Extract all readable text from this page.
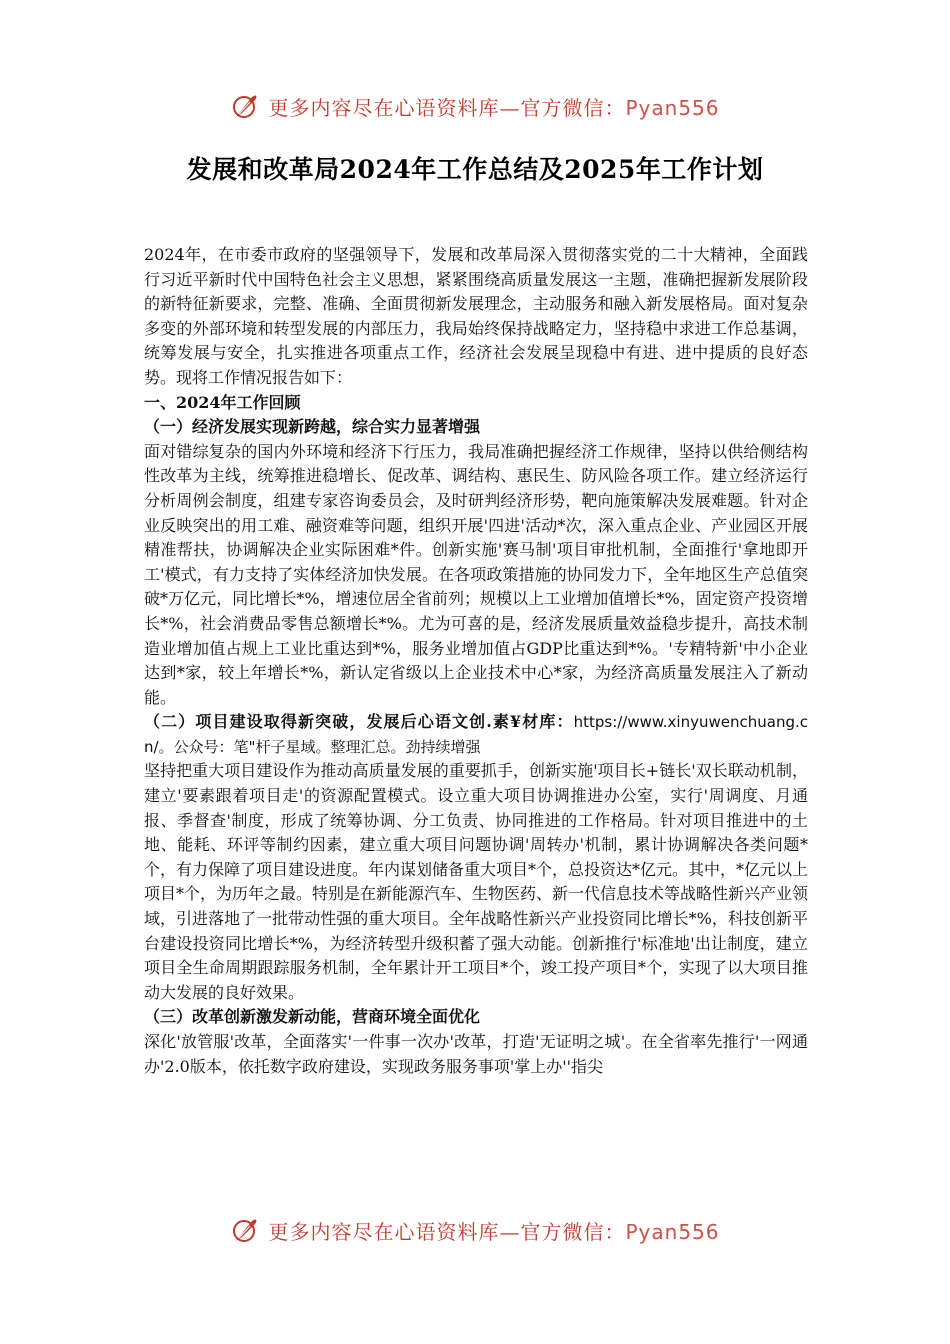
更多内容尽在心语资料库—官方微信：Pyan556
发展和改革局2024年工作总结及2025年工作计划

2024年，在市委市政府的坚强领导下，发展和改革局深入贯彻落实党的二十大精神，全面践行习近平新时代中国特色社会主义思想，紧紧围绕高质量发展这一主题，准确把握新发展阶段的新特征新要求，完整、准确、全面贯彻新发展理念，主动服务和融入新发展格局。面对复杂多变的外部环境和转型发展的内部压力，我局始终保持战略定力，坚持稳中求进工作总基调，统筹发展与安全，扎实推进各项重点工作，经济社会发展呈现稳中有进、进中提质的良好态势。现将工作情况报告如下：

一、2024年工作回顾

（一）经济发展实现新跨越，综合实力显著增强

面对错综复杂的国内外环境和经济下行压力，我局准确把握经济工作规律，坚持以供给侧结构性改革为主线，统筹推进稳增长、促改革、调结构、惠民生、防风险各项工作。建立经济运行分析周例会制度，组建专家咨询委员会，及时研判经济形势，靶向施策解决发展难题。针对企业反映突出的用工难、融资难等问题，组织开展'四进'活动*次，深入重点企业、产业园区开展精准帮扶，协调解决企业实际困难*件。创新实施'赛马制'项目审批机制，全面推行'拿地即开工'模式，有力支持了实体经济加快发展。在各项政策措施的协同发力下，全年地区生产总值突破*万亿元，同比增长*%，增速位居全省前列；规模以上工业增加值增长*%，固定资产投资增长*%，社会消费品零售总额增长*%。尤为可喜的是，经济发展质量效益稳步提升，高技术制造业增加值占规上工业比重达到*%，服务业增加值占GDP比重达到*%。'专精特新'中小企业达到*家，较上年增长*%，新认定省级以上企业技术中心*家，为经济高质量发展注入了新动能。

（二）项目建设取得新突破，发展后心语文创.素¥材库：https://www.xinyuwenchuang.cn/。公众号：笔"杆子星域。整理汇总。劲持续增强

坚持把重大项目建设作为推动高质量发展的重要抓手，创新实施'项目长+链长'双长联动机制，建立'要素跟着项目走'的资源配置模式。设立重大项目协调推进办公室，实行'周调度、月通报、季督查'制度，形成了统筹协调、分工负责、协同推进的工作格局。针对项目推进中的土地、能耗、环评等制约因素，建立重大项目问题协调'周转办'机制，累计协调解决各类问题*个，有力保障了项目建设进度。年内谋划储备重大项目*个，总投资达*亿元。其中，*亿元以上项目*个，为历年之最。特别是在新能源汽车、生物医药、新一代信息技术等战略性新兴产业领域，引进落地了一批带动性强的重大项目。全年战略性新兴产业投资同比增长*%，科技创新平台建设投资同比增长*%，为经济转型升级积蓄了强大动能。创新推行'标准地'出让制度，建立项目全生命周期跟踪服务机制，全年累计开工项目*个，竣工投产项目*个，实现了以大项目推动大发展的良好效果。

（三）改革创新激发新动能，营商环境全面优化

深化'放管服'改革，全面落实'一件事一次办'改革，打造'无证明之城'。在全省率先推行'一网通办'2.0版本，依托数字政府建设，实现政务服务事项'掌上办''指尖

更多内容尽在心语资料库—官方微信：Pyan556
